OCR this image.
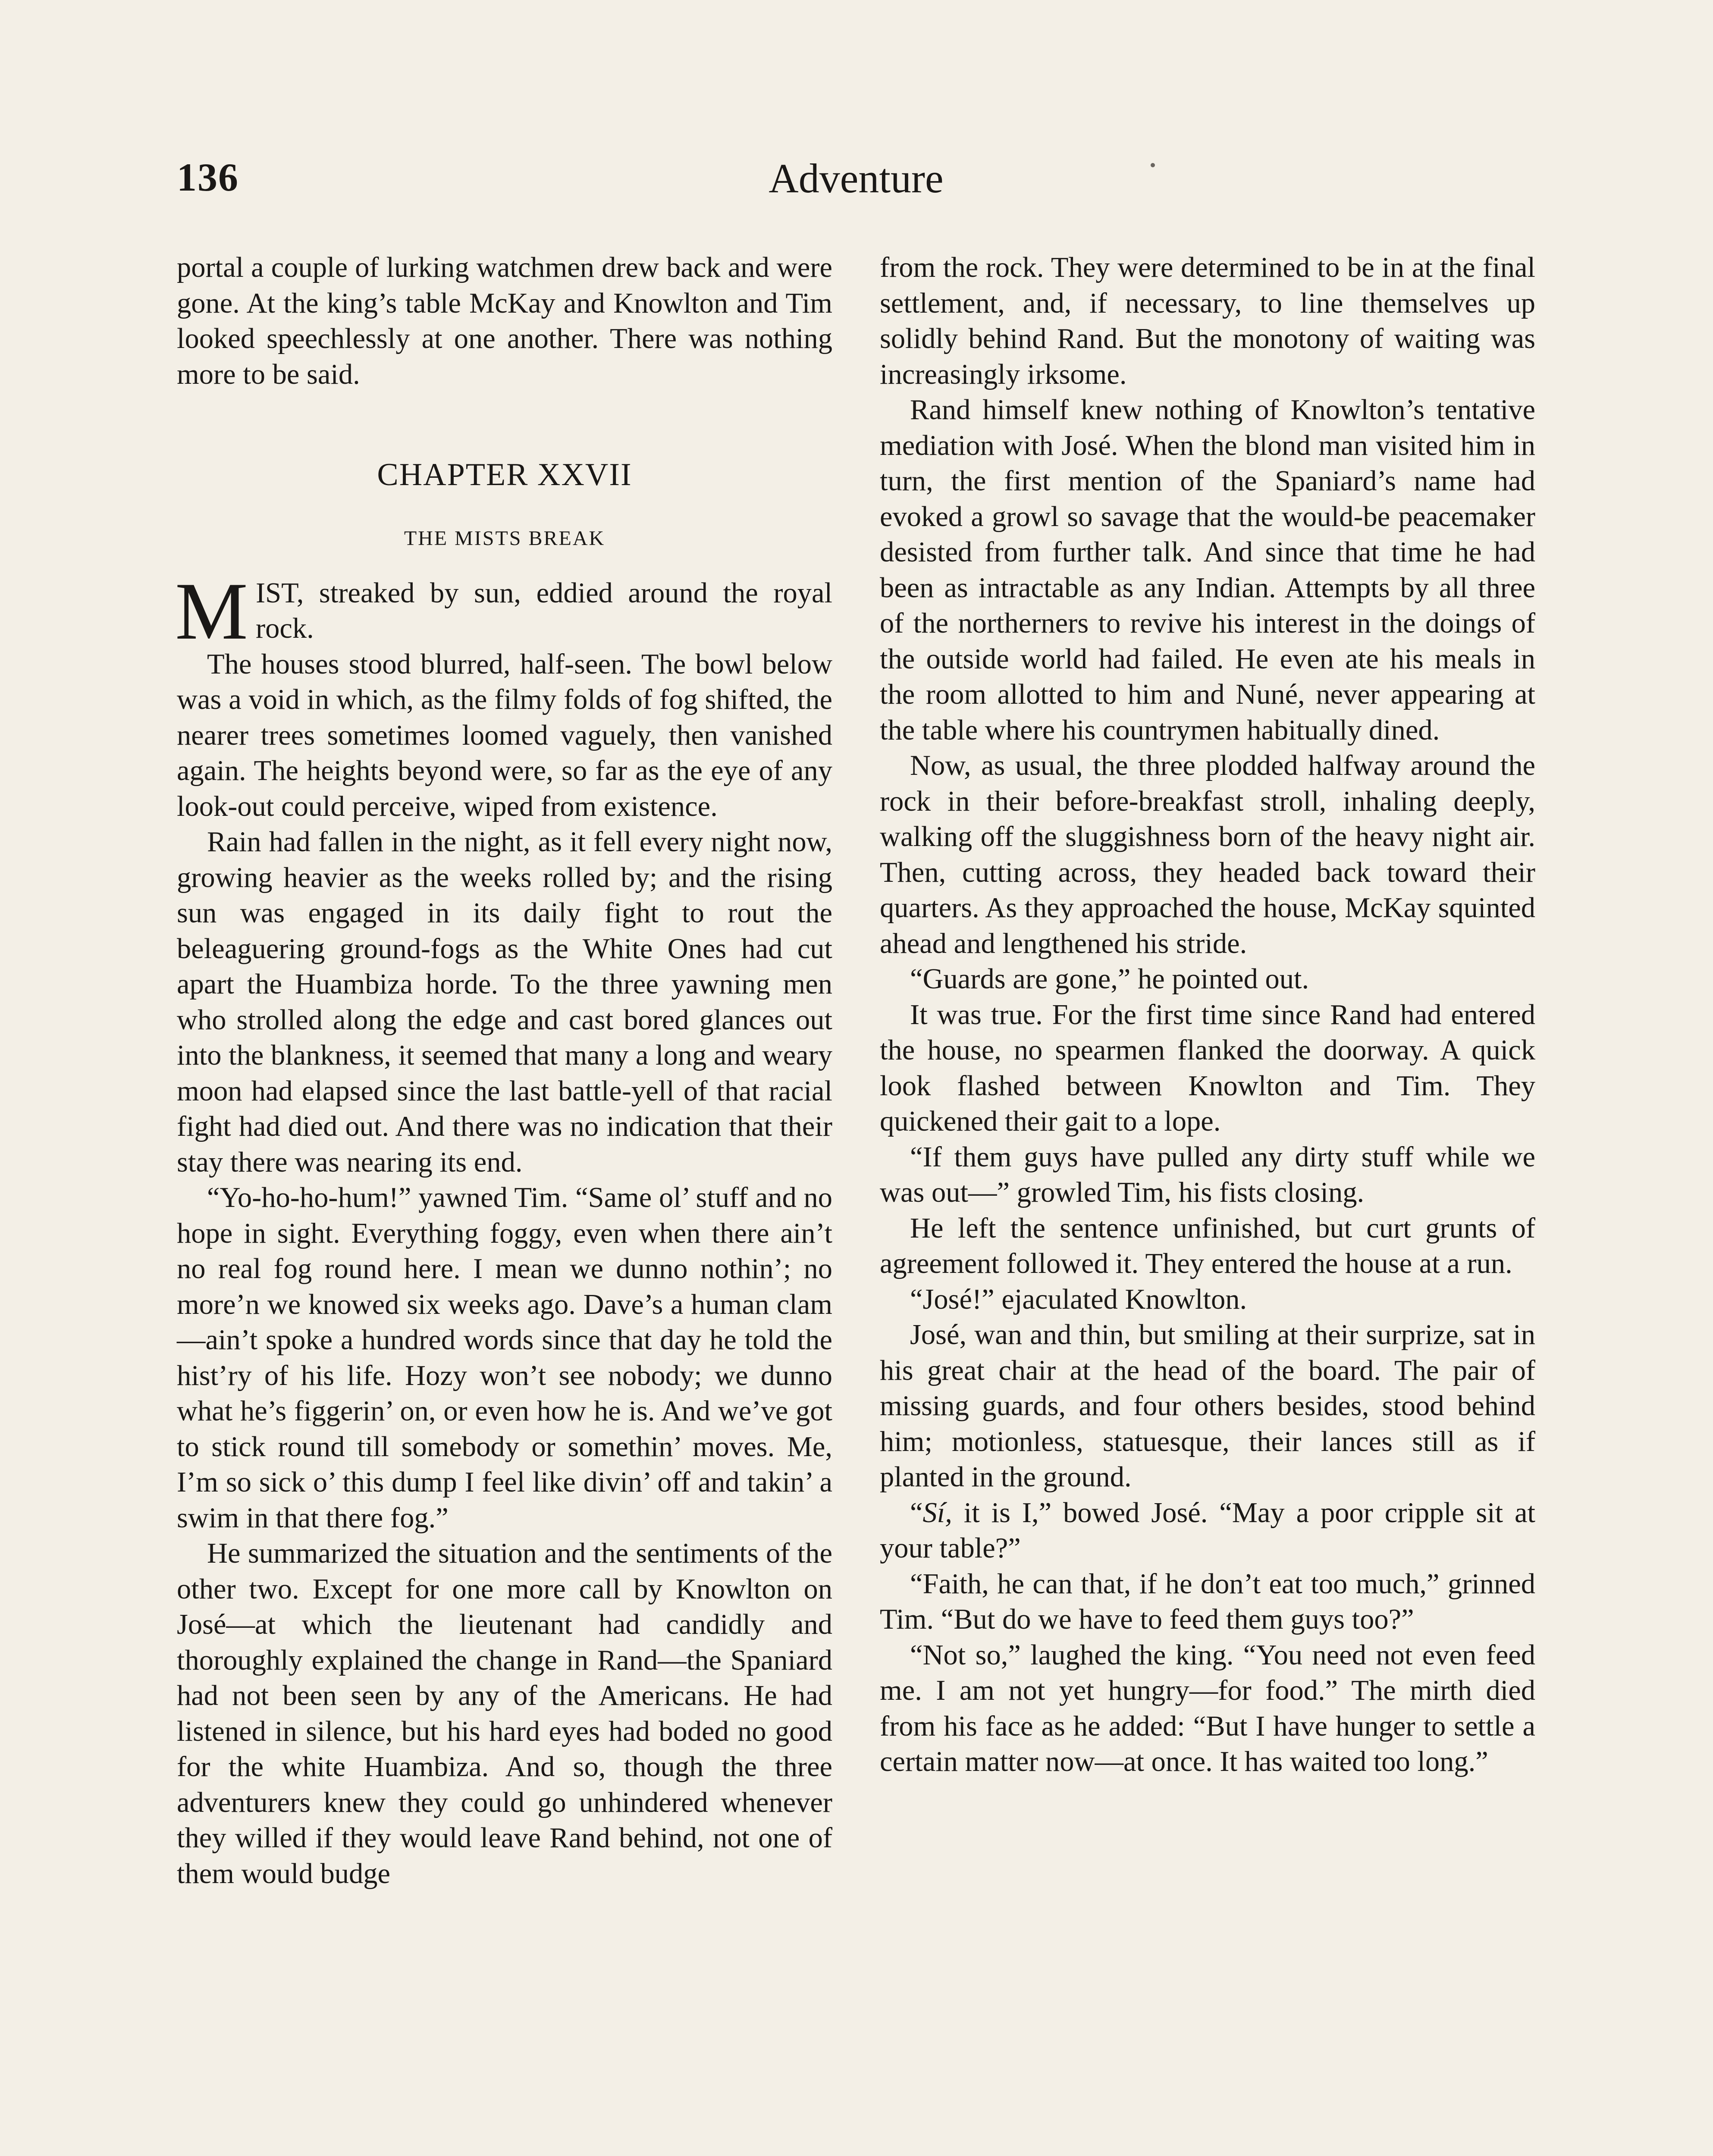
136	Adventure

portal a couple of lurking watchmen drew back and were gone. At the king’s table McKay and Knowlton and Tim looked speechlessly at one another. There was nothing more to be said.

CHAPTER XXVII
THE MISTS BREAK

MIST, streaked by sun, eddied around the royal rock.

The houses stood blurred, half-seen. The bowl below was a void in which, as the filmy folds of fog shifted, the nearer trees sometimes loomed vaguely, then vanished again. The heights beyond were, so far as the eye of any look-out could perceive, wiped from existence.

Rain had fallen in the night, as it fell every night now, growing heavier as the weeks rolled by; and the rising sun was engaged in its daily fight to rout the beleaguering ground-fogs as the White Ones had cut apart the Huambiza horde. To the three yawning men who strolled along the edge and cast bored glances out into the blankness, it seemed that many a long and weary moon had elapsed since the last battle-yell of that racial fight had died out. And there was no indication that their stay there was nearing its end.

“Yo-ho-ho-hum!” yawned Tim. “Same ol’ stuff and no hope in sight. Everything foggy, even when there ain’t no real fog round here. I mean we dunno nothin’; no more’n we knowed six weeks ago. Dave’s a human clam—ain’t spoke a hundred words since that day he told the hist’ry of his life. Hozy won’t see nobody; we dunno what he’s figgerin’ on, or even how he is. And we’ve got to stick round till somebody or somethin’ moves. Me, I’m so sick o’ this dump I feel like divin’ off and takin’ a swim in that there fog.”

He summarized the situation and the sentiments of the other two. Except for one more call by Knowlton on José—at which the lieutenant had candidly and thoroughly explained the change in Rand—the Spaniard had not been seen by any of the Americans. He had listened in silence, but his hard eyes had boded no good for the white Huambiza. And so, though the three adventurers knew they could go unhindered whenever they willed if they would leave Rand behind, not one of them would budge

from the rock. They were determined to be in at the final settlement, and, if necessary, to line themselves up solidly behind Rand. But the monotony of waiting was increasingly irksome.

Rand himself knew nothing of Knowlton’s tentative mediation with José. When the blond man visited him in turn, the first mention of the Spaniard’s name had evoked a growl so savage that the would-be peacemaker desisted from further talk. And since that time he had been as intractable as any Indian. Attempts by all three of the northerners to revive his interest in the doings of the outside world had failed. He even ate his meals in the room allotted to him and Nuné, never appearing at the table where his countrymen habitually dined.

Now, as usual, the three plodded halfway around the rock in their before-breakfast stroll, inhaling deeply, walking off the sluggishness born of the heavy night air. Then, cutting across, they headed back toward their quarters. As they approached the house, McKay squinted ahead and lengthened his stride.

“Guards are gone,” he pointed out.

It was true. For the first time since Rand had entered the house, no spearmen flanked the doorway. A quick look flashed between Knowlton and Tim. They quickened their gait to a lope.

“If them guys have pulled any dirty stuff while we was out—” growled Tim, his fists closing.

He left the sentence unfinished, but curt grunts of agreement followed it. They entered the house at a run.

“José!” ejaculated Knowlton.

José, wan and thin, but smiling at their surprize, sat in his great chair at the head of the board. The pair of missing guards, and four others besides, stood behind him; motionless, statuesque, their lances still as if planted in the ground.

“Sí, it is I,” bowed José. “May a poor cripple sit at your table?”

“Faith, he can that, if he don’t eat too much,” grinned Tim. “But do we have to feed them guys too?”

“Not so,” laughed the king. “You need not even feed me. I am not yet hungry—for food.” The mirth died from his face as he added: “But I have hunger to settle a certain matter now—at once. It has waited too long.”
